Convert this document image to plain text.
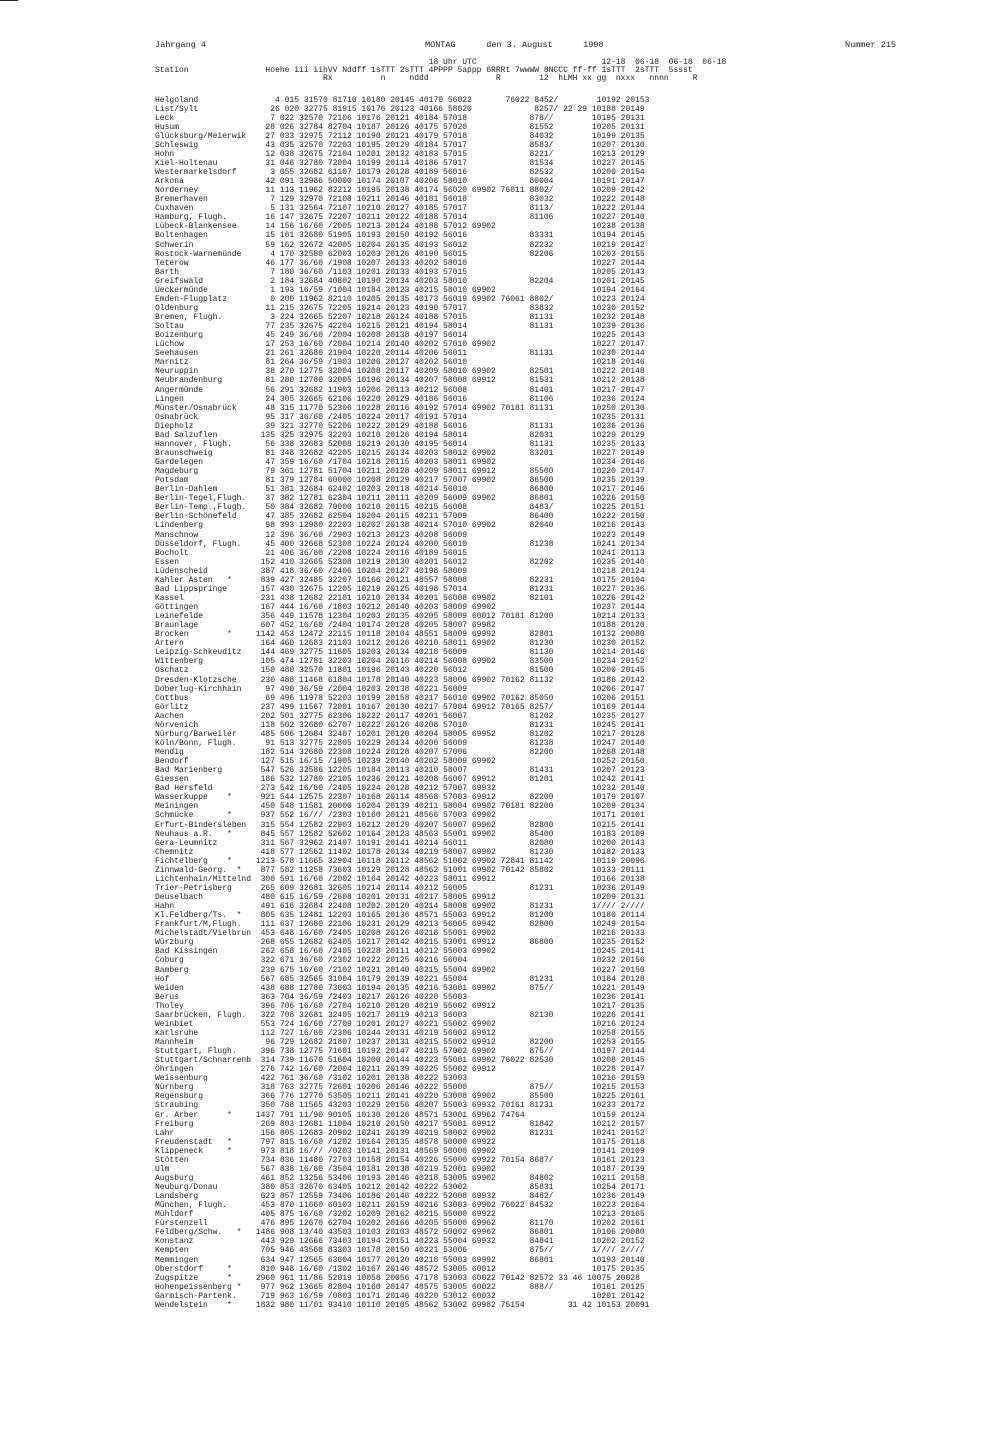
Jahrgang 4	MONTAG	den 3. August	1998	Nummer 215
18 Uhr UTC                          12-18  06-18  06-18  06-18
Station                Hoehe iii iihVV Nddff 1sTTT 2sTTT 4PPPP 5appp 6RRRt 7wwWW 8NCCC ff-ff 1sTTT  2sTTT  5ssst
Rx          n     nddd              R        12  hLMH xx gg  nxxx   nnnn     R
Helgoland                4 015 31570 81710 10180 20145 40170 56022       76022 8452/        10192 20153
List/Sylt               26 020 32775 81915 10176 20123 40166 58020             8257/ 22 29 10188 20149
Leck                    7 022 32570 72106 10176 20121 40184 57018             878//        10195 20131
Husum                  28 026 32784 82704 10187 20126 40175 57020             81552        10205 20131
Glücksburg/Meierwik    27 033 32975 72112 10190 20121 40179 57018             84032        10199 20135
Schleswig              43 035 32570 72203 10195 20129 40184 57017             8583/        10207 20130
Hohn                   12 038 32675 72104 10201 20132 40183 57015             8221/        10213 20129
Kiel-Holtenau          31 046 32780 72004 10199 20114 40186 57017             81534        10227 20145
Westermarkelsdorf       3 055 32682 61107 10179 20128 40189 56016             82532        10200 20154
Arkona                 42 091 32986 50000 10174 20107 40206 58010             80004        10191 20147
Norderney              11 113 11962 82212 10195 20138 40174 56020 69902 76011 8802/        10209 20142
Bremerhaven             7 129 32970 72108 10211 20146 40181 56018             83032        10222 20148
Cuxhaven                5 131 32564 72107 10210 20127 40185 57017             8113/        10222 20144
Hamburg, Flugh.        16 147 32675 72207 10211 20122 40188 57014             81106        10227 20140
Lübeck-Blankensee      14 156 16/60 /2005 10213 20124 40188 57012 69902                    10238 20138
Boltenhagen            15 161 32680 51905 10193 20150 40192 56016             83331        10194 20145
Schwerin               59 162 32672 42005 10204 20135 40193 56012             82232        10219 20142
Rostock-Warnemünde      4 170 32580 62003 10203 20126 40190 56015             82206        10203 20155
Teterow                46 177 36/60 /1908 10207 20133 40202 58010                          10227 20144
Barth                   7 180 36/60 /1103 10201 20133 40193 57015                          10205 20143
Greifswald              2 184 32684 40802 10190 20134 40203 58010             82204        10201 20145
Ueckermünde             1 193 16/59 /1004 10184 20123 40215 58010 69902                    10194 20164
Emden-Flugplatz         0 200 11962 82110 10205 20135 40173 56019 69902 76061 8802/        10223 20124
Oldenburg              11 215 32675 72205 10214 20123 40190 57017             83832        10230 20152
Bremen, Flugh.          3 224 32665 52207 10218 20124 40188 57015             81131        10232 20148
Soltau                 77 235 32675 42204 10215 20121 40194 58014             81131        10239 20136
Boizenburg             45 249 36/60 /2004 10208 20138 40197 56014                          10225 20143
Lüchow                 17 253 16/60 /2004 10214 20140 40202 57010 69902                    10227 20147
Seehausen              21 261 32680 21904 10220 20114 40206 56011             81131        10230 20144
Marnitz                81 264 36/59 /1903 10206 20127 40202 56010                          10218 20146
Neuruppin              38 270 12775 32004 10208 20117 40209 58010 69902       82501        10222 20148
Neubrandenburg         81 280 12780 32005 10196 20134 40207 58008 69912       81531        10212 20138
Angermünde             56 291 32682 11903 10206 20113 40212 56008             81401        10217 20147
Lingen                 24 305 32665 62106 10220 20129 40186 56016             81106        10236 20124
Münster/Osnabrück      48 315 11770 52306 10228 20116 40192 57014 69902 70181 81131        10250 20130
Osnabrück              95 317 36/60 /2405 10224 20117 40191 57014                          10235 20131
Diepholz               39 321 32770 52206 10222 20129 40188 56016             81131        10236 20136
Bad Salzuflen         135 325 32975 32203 10210 20126 40194 58014             82031        10229 20129
Hannover, Flugh.       56 338 32683 52008 10219 20130 40195 56014             81131        10235 20133
Braunschweig           81 348 32682 42205 10215 20134 40203 58012 69902       83201        10227 20149
Gardelegen             47 359 16/60 /1704 10218 20115 40203 58011 69902                    10234 20146
Magdeburg              79 361 12781 51704 10211 20128 40209 58011 69912       85500        10220 20147
Potsdam                81 379 12784 60000 10208 20129 40217 57007 69902       86500        10235 20139
Berlin-Dahlem          51 381 32684 62402 10203 20118 40214 56010             86800        10217 20146
Berlin-Tegel,Flugh.    37 382 12781 62304 10211 20111 40209 56009 69902       86801        10226 20150
Berlin-Temp.,Flugh.    50 384 32682 70000 10210 20115 40215 56008             8483/        10225 20151
Berlin-Schönefeld      47 385 32682 62504 10204 20115 40211 57009             86400        10222 20150
Lindenberg             98 393 12980 22203 10202 20138 40214 57010 69902       82040        10216 20143
Manschnow              12 396 36/60 /2903 10213 20123 40208 56009                          10223 20149
Düsseldorf, Flugh.     45 400 32668 52308 10224 20124 40200 56010             81238        10241 20134
Bocholt                21 406 36/60 /2208 10224 20116 40189 56015                          10241 20113
Essen                 152 410 32665 52308 10219 20130 40201 56012             82202        10235 20140
Lüdenscheid           387 418 36/60 /2406 10204 20127 40198 58009                          10218 20124
Kahler Asten   *      839 427 32485 32207 10166 20121 48557 58008             82231        10175 20104
Bad Lippspringe       157 430 32675 12205 10219 20125 40198 57014             81231        10227 20136
Kassel                231 438 12682 22101 10210 20134 40201 56008 69902       82101        10226 20142
Göttingen             167 444 16/60 /1803 10212 20140 40203 58009 69902                    10237 20144
Leinefelde            356 449 11578 12304 10203 20135 40205 58009 60012 70181 81200        10214 20133
Braunlage             607 452 16/60 /2404 10174 20128 40205 58007 69982                    10188 20120
Brocken        *     1142 453 12472 22115 10118 20104 48551 58009 69992       82801        10132 20080
Artern                164 460 12683 21103 10212 20126 40210 58011 69902       81230        10230 20152
Leipzig-Schkeuditz    144 469 32775 11605 10203 20134 40218 56009             81130        10214 20146
Wittenberg            105 474 12781 32203 10204 20116 40214 56008 69902       83500        10234 20152
Oschatz               150 480 32570 11801 10196 20143 40220 56012             81500        10200 20145
Dresden-Klotzsche     230 488 11468 61804 10178 20140 40223 58006 69902 70162 81132        10186 20142
Doberlug-Kirchhain     97 490 36/59 /2004 10203 20138 40221 56009                          10206 20147
Cottbus                69 496 11978 52203 10199 20158 40217 56010 69902 70162 85050        10206 20151
Görlitz               237 499 11567 72001 10167 20130 40217 57004 69912 70165 8257/        10169 20144
Aachen                202 501 32775 62306 10222 20117 40201 56007             81202        10235 20127
Nörvenich             118 502 32680 62707 10222 20126 40208 57010             81231        10245 20141
Nürburg/Barweiler     485 506 12684 32407 10201 20120 40204 58005 69952       81202        10217 20128
Köln/Bonn, Flugh.      91 513 32775 22805 10229 20134 40200 56009             81238        10247 20140
Mendig                182 514 32680 22308 10224 20128 40207 57006             82200        10268 20148
Bendorf               127 515 16/15 /1905 10239 20140 40202 58009 69902                    10252 20150
Bad Marienberg        547 526 32586 12205 10184 20113 40210 58007             81431        10207 20123
Giessen               186 532 12780 22105 10236 20121 40208 56007 69912       81201        10242 20141
Bad Hersfeld          273 542 16/60 /2405 10224 20128 40212 57007 69932                    10232 20140
Wasserkuppe    *      921 544 12575 22307 10168 20114 48568 57003 69912       82200        10179 20107
Meiningen             450 548 11581 20000 10204 20139 40211 58004 69902 70181 82200        10209 20134
Schmücke       *      937 552 16/// /2303 10160 20121 48566 57003 69902                    10171 20101
Erfurt-Bindersleben   315 554 12582 22903 10212 20129 40207 56007 69902       82800        10215 20141
Neuhaus a.R.   *      845 557 12582 52602 10164 20123 48563 55001 69902       85400        10183 20109
Gera-Leumnitz         311 567 32962 21407 10191 20141 40214 56011             82080        10200 20143
Chemnitz              418 577 12562 11402 10178 20134 40219 58007 69902       81230        10182 20133
Fichtelberg    *     1213 578 11665 32904 10118 20112 48562 51002 69902 72841 81142        10119 20096
Zinnwald-Georg.  *    877 582 11258 73603 10129 20128 48562 51001 69902 70142 85802        10133 20111
Lichtenhain/Mittelnd  300 591 16/60 /2002 10164 20142 40223 58011 69912                    10166 20138
Trier-Petrisberg      265 609 32681 32605 10214 20114 40212 56005             81231        10236 20149
Deuselbach            480 615 16/59 /2608 10201 20131 40217 58005 69912                    10209 20131
Hahn                  491 616 32684 22408 10202 20120 40214 58008 69902       81231        1//// 2////
Kl.Feldberg/Ts.  *    805 635 12481 12203 10165 20136 48571 55003 69912       81200        10180 20114
Frankfurt/M,Flugh.    111 637 12680 22106 10231 20129 40213 56005 69942       82800        10249 20154
Michelstadt/Vielbrun  453 648 16/60 /2405 10208 20126 40218 55001 69902                    10216 20133
Würzburg              268 655 12682 62405 10217 20142 40215 53001 69912       86800        10235 20152
Bad Kissingen         262 658 16/60 /2405 10228 20111 40212 55003 69902                    10245 20141
Coburg                322 671 36/60 /2302 10222 20125 40216 56004                          10232 20156
Bamberg               239 675 16/60 /2102 10221 20140 40215 55004 69902                    10227 20150
Hof                   567 685 32565 31004 10179 20139 40221 55004             81231        10184 20128
Weiden                438 688 12780 73603 10194 20135 40216 53001 69902       875//        10221 20149
Berus                 363 704 36/59 /2403 10217 20126 40220 55003                          10236 20141
Tholey                396 706 16/60 /2704 10210 20120 40219 55002 69912                    10217 20135
Saarbrücken, Flugh.   322 708 32681 32405 10217 20119 40213 56003             82130        10226 20141
Weinbiet              553 724 16/60 /2709 10201 20127 40221 55002 69902                    10216 20124
Karlsruhe             112 727 16/60 /2306 10244 20131 40219 56002 69912                    10258 20155
Mannheim               96 729 12682 21807 10237 20131 40215 55002 69912       82200        10253 20155
Stuttgart, Flugh.     396 738 12775 71601 10192 20147 40215 57002 69902       875//        10197 20144
Stuttgart/Schnarrenb  314 739 11670 51604 10200 20144 40223 55001 69902 76022 82530        10208 20145
Öhringen              276 742 16/60 /2004 10211 20139 40225 55002 69912                    10228 20147
Weissenburg           422 761 36/60 /3102 10201 20138 40222 53003                          10216 20159
Nürnberg              318 763 32775 72601 10206 20146 40222 55000             875//        10215 20153
Regensburg            366 776 12770 53505 10211 20141 40220 53008 69902       85500        10225 20161
Straubing             350 788 11565 43203 10229 20156 40207 55003 69932 70161 81231        10233 20172
Gr. Arber      *     1437 791 11/90 90105 10130 20126 48571 53001 69962 74764              10159 20124
Freiburg              269 803 12681 11004 10210 20150 40217 55001 69912       81842        10212 20157
Lahr                  156 805 12683 20902 10241 20139 40219 58002 69902       81231        10241 20152
Freudenstadt   *      797 815 16/60 /1202 10164 20135 48578 50000 69922                    10175 20118
Klippeneck     *      973 818 16/// /0203 10141 20131 48569 50000 69902                    10141 20109
Stötten               734 836 11480 72703 10158 20154 40226 55000 69922 70154 8687/        10161 20123
Ulm                   567 838 16/60 /3504 10181 20138 40219 52001 69902                    10187 20139
Augsburg              461 852 13256 53406 10193 20146 40218 53005 69902       84802        10211 20158
Neuburg/Donau         380 853 32670 63405 10212 20142 40222 53002             85831        10254 20171
Landsberg             623 857 12559 73406 10186 20146 40222 52008 69932       8482/        10236 20149
München, Flugh.       453 870 11660 60103 10211 20159 40216 53003 69902 76022 84532        10223 20164
Mühldorf              405 875 16/60 /3202 10209 20162 40215 55000 69922                    10213 20165
Fürstenzell           476 895 12670 62704 10202 20166 40205 55000 69962       81170        10202 20161
Feldberg/Schw.   *   1486 908 13/40 43503 10103 20103 48572 50002 69962       86801        10106 20080
Konstanz              443 929 12666 73403 10194 20151 40223 55004 69932       84841        10202 20152
Kempten               705 946 43568 83303 10178 20150 40221 53006             875//        1//// 2////
Memmingen             634 947 12565 63604 10177 20120 40218 55003 69992       86801        10193 20140
Oberstdorf     *      810 948 16/60 /1302 10167 20146 48572 53005 60012                    10175 20135
Zugspitze      *     2960 961 11/86 52019 10058 20056 47178 53003 60022 70142 82572 33 46 10075 20028
Hohenpeissenberg *    977 962 13665 82804 10160 20147 48575 53005 60022       888//        10161 20125
Garmisch-Partenk.     719 963 16/59 /0803 10171 20146 40220 53012 60032                    10201 20142
Wendelstein    *     1832 980 11/01 93410 10110 20105 48562 53002 69982 75154         31 42 10153 20091
